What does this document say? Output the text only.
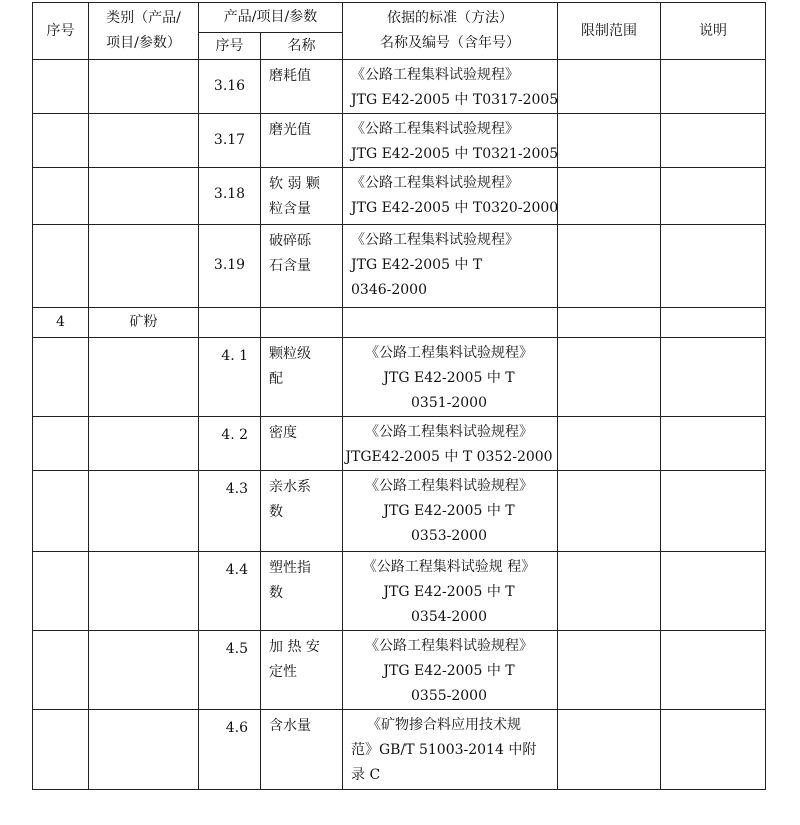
序号	类别（产品/
项目/参数）	产品/项目/参数		依据的标准（方法）
名称及编号（含年号）	限制范围	说明
		序号	名称			
		3.16	磨耗值	《公路工程集料试验规程》
JTG E42-2005 中 T0317-2005		

		3.17	磨光值	《公路工程集料试验规程》
JTG E42-2005 中 T0321-2005		

		3.18	软 弱 颗
粒含量	《公路工程集料试验规程》
JTG E42-2005 中 T0320-2000		

		3.19	破碎砾
石含量	《公路工程集料试验规程》
JTG E42-2005 中 T
0346-2000		

4	矿粉					
		4. 1	颗粒级
配	《公路工程集料试验规程》
JTG E42-2005 中 T
0351-2000		

		4. 2	密度	《公路工程集料试验规程》
JTGE42-2005 中 T 0352-2000		

		4.3	亲水系
数	《公路工程集料试验规程》
JTG E42-2005 中 T
0353-2000		

		4.4	塑性指
数	《公路工程集料试验规 程》
JTG E42-2005 中 T
0354-2000		

		4.5	加 热 安
定性	《公路工程集料试验规程》
JTG E42-2005 中 T
0355-2000		

		4.6	含水量	《矿物掺合料应用技术规
范》GB/T 51003-2014 中附
录 C		
